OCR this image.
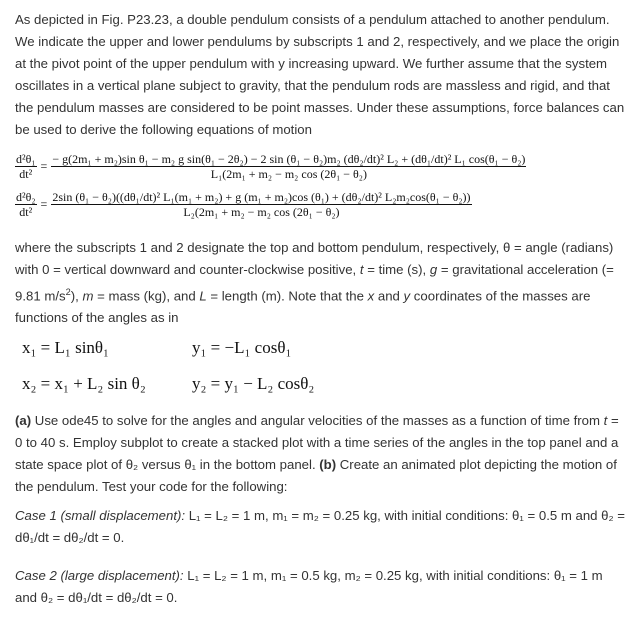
As depicted in Fig. P23.23, a double pendulum consists of a pendulum attached to another pendulum. We indicate the upper and lower pendulums by subscripts 1 and 2, respectively, and we place the origin at the pivot point of the upper pendulum with y increasing upward. We further assume that the system oscillates in a vertical plane subject to gravity, that the pendulum rods are massless and rigid, and that the pendulum masses are considered to be point masses. Under these assumptions, force balances can be used to derive the following equations of motion

$\frac{\text{d²θ₁}}{\text{dt²}}$ = − g(2m₁ + m₂)sin θ₁ − m₂ g sin(θ₁ − 2θ₂) − 2 sin (θ₁ − θ₂)m₂ (dθ₂/dt)² L₂ + (dθ₁/dt)² L₁ cos(θ₁ − θ₂)
L₁(2m₁ + m₂ − m₂ cos (2θ₁ − θ₂)
$\frac{\text{d²θ₂}}{\text{dt²}} = 2\sin$ (θ₁ − θ₂)((dθ₁/dt)² L₁(m₁ + m₂) + g (m₁ + m₂)cos (θ₁) + (dθ₂/dt)² L₂m₂cos(θ₁ − θ₂))
L₂(2m₁ + m₂ − m₂ cos (2θ₁ − θ₂)

where the subscripts 1 and 2 designate the top and bottom pendulum, respectively, θ = angle (radians) with 0 = vertical downward and counter-clockwise positive, t = time (s), g = gravitational acceleration (= 9.81 $m/s^2$), m = mass (kg), and L = length (m). Note that the x and y coordinates of the masses are functions of the angles as in

x₁ = L₁ sinθ₁	y₁ = −L₁ cosθ₁
x₂ = x₁ + L₂ sin θ₂	y₂ = y₁ − L₂ cosθ₂

(a) Use ode45 to solve for the angles and angular velocities of the masses as a function of time from t = 0 to 40 s. Employ subplot to create a stacked plot with a time series of the angles in the top panel and a state space plot of θ₂ versus θ₁ in the bottom panel. (b) Create an animated plot depicting the motion of the pendulum. Test your code for the following:

Case 1 (small displacement): L₁ = L₂ = 1 m, m₁ = m₂ = 0.25 kg, with initial conditions: θ₁ = 0.5 m and θ₂ = dθ₁/dt = dθ₂/dt = 0.

Case 2 (large displacement): L₁ = L₂ = 1 m, m₁ = 0.5 kg, m₂ = 0.25 kg, with initial conditions: θ₁ = 1 m and θ₂ = dθ₁/dt = dθ₂/dt = 0.
